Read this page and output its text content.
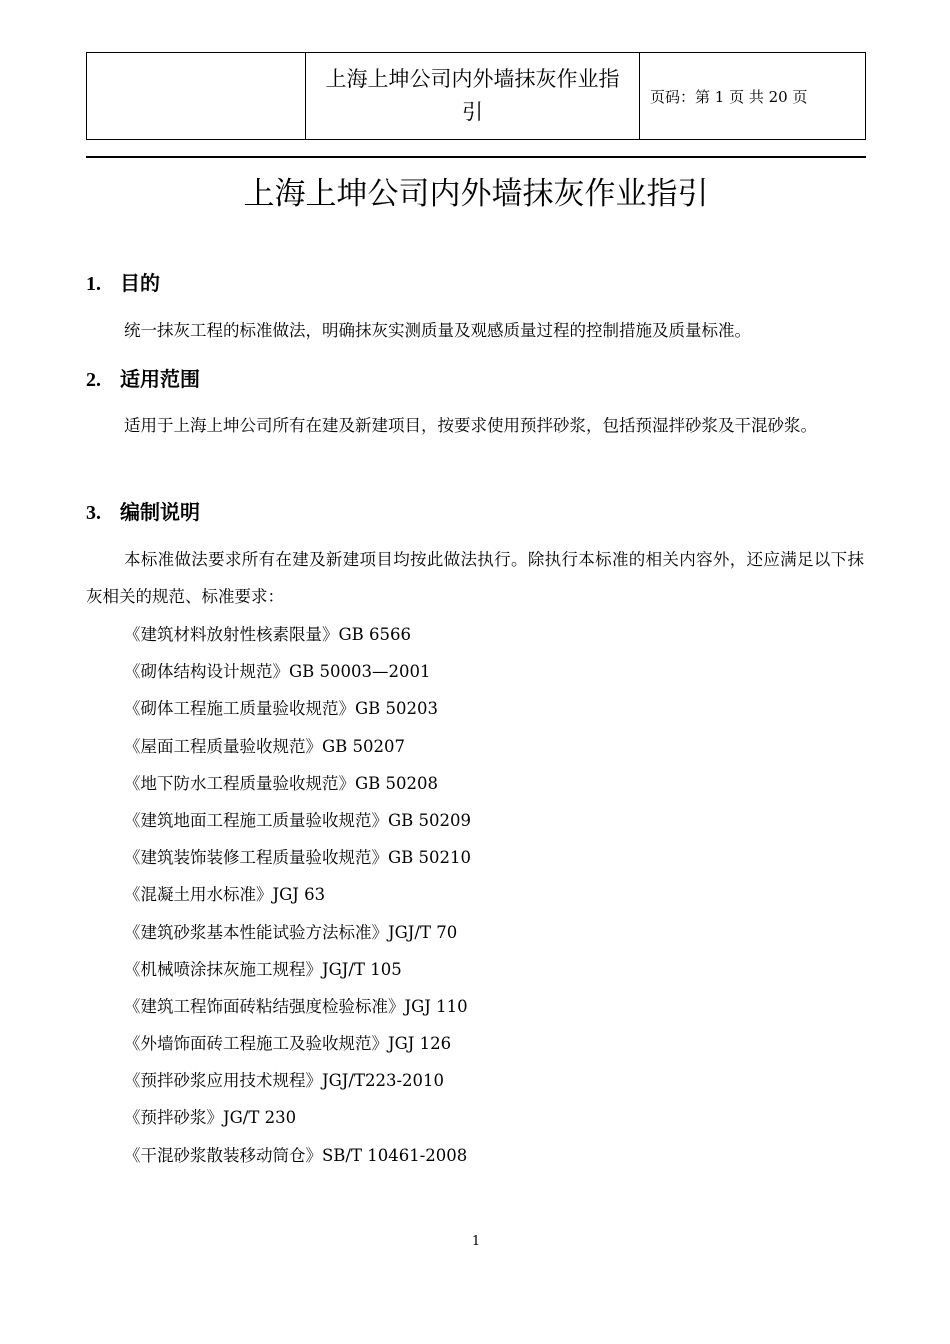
上海上坤公司内外墙抹灰作业指引
页码：第 1 页 共 20 页
上海上坤公司内外墙抹灰作业指引
1. 目的
统一抹灰工程的标准做法，明确抹灰实测质量及观感质量过程的控制措施及质量标准。
2. 适用范围
适用于上海上坤公司所有在建及新建项目，按要求使用预拌砂浆，包括预湿拌砂浆及干混砂浆。
3. 编制说明
本标准做法要求所有在建及新建项目均按此做法执行。除执行本标准的相关内容外，还应满足以下抹灰相关的规范、标准要求：
《建筑材料放射性核素限量》GB 6566
《砌体结构设计规范》GB 50003—2001
《砌体工程施工质量验收规范》GB 50203
《屋面工程质量验收规范》GB 50207
《地下防水工程质量验收规范》GB 50208
《建筑地面工程施工质量验收规范》GB 50209
《建筑装饰装修工程质量验收规范》GB 50210
《混凝土用水标准》JGJ 63
《建筑砂浆基本性能试验方法标准》JGJ/T 70
《机械喷涂抹灰施工规程》JGJ/T 105
《建筑工程饰面砖粘结强度检验标准》JGJ 110
《外墙饰面砖工程施工及验收规范》JGJ 126
《预拌砂浆应用技术规程》JGJ/T223-2010
《预拌砂浆》JG/T 230
《干混砂浆散装移动筒仓》SB/T 10461-2008
1
